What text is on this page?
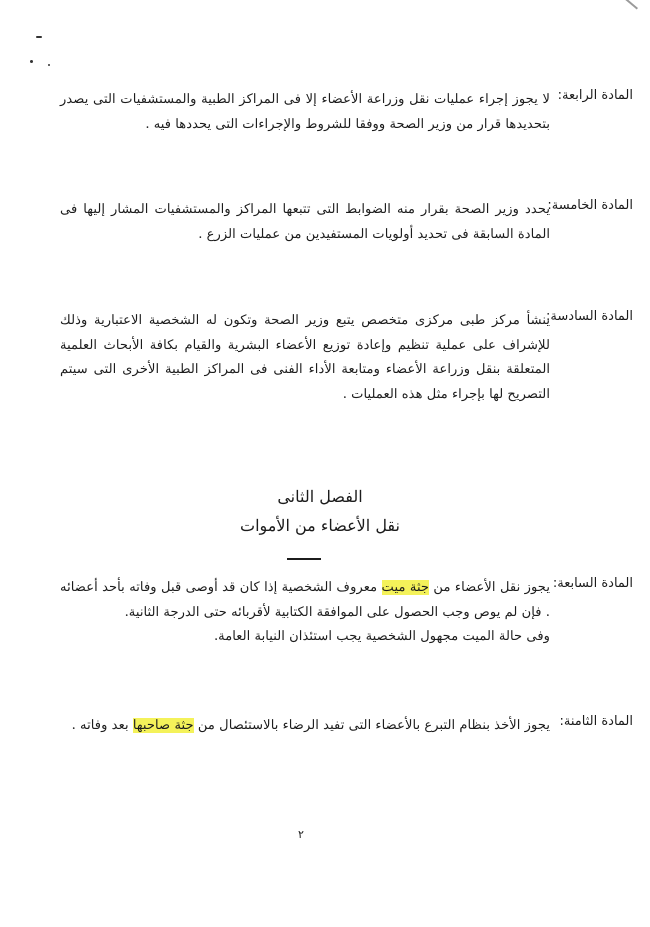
المادة الرابعة:
لا يجوز إجراء عمليات نقل وزراعة الأعضاء إلا فى المراكز الطبية والمستشفيات التى يصدر بتحديدها قرار من وزير الصحة ووفقا للشروط والإجراءات التى يحددها فيه .
المادة الخامسة:
يحدد وزير الصحة بقرار منه الضوابط التى تتبعها المراكز والمستشفيات المشار إليها فى المادة السابقة فى تحديد أولويات المستفيدين من عمليات الزرع .
المادة السادسة:
ينشأ مركز طبى مركزى متخصص يتبع وزير الصحة وتكون له الشخصية الاعتبارية وذلك للإشراف على عملية تنظيم وإعادة توزيع الأعضاء البشرية والقيام بكافة الأبحاث العلمية المتعلقة بنقل وزراعة الأعضاء ومتابعة الأداء الفنى فى المراكز الطبية الأخرى التى سيتم التصريح لها بإجراء مثل هذه العمليات .
الفصل الثانى
نقل الأعضاء من الأموات
المادة السابعة:
يجوز نقل الأعضاء من جثة ميت معروف الشخصية إذا كان قد أوصى قبل وفاته بأحد أعضائه . فإن لم يوص وجب الحصول على الموافقة الكتابية لأقربائه حتى الدرجة الثانية.
وفى حالة الميت مجهول الشخصية يجب استئذان النيابة العامة.
المادة الثامنة:
يجوز الأخذ بنظام التبرع بالأعضاء التى تفيد الرضاء بالاستئصال من جثة صاحبها بعد وفاته .
٢
